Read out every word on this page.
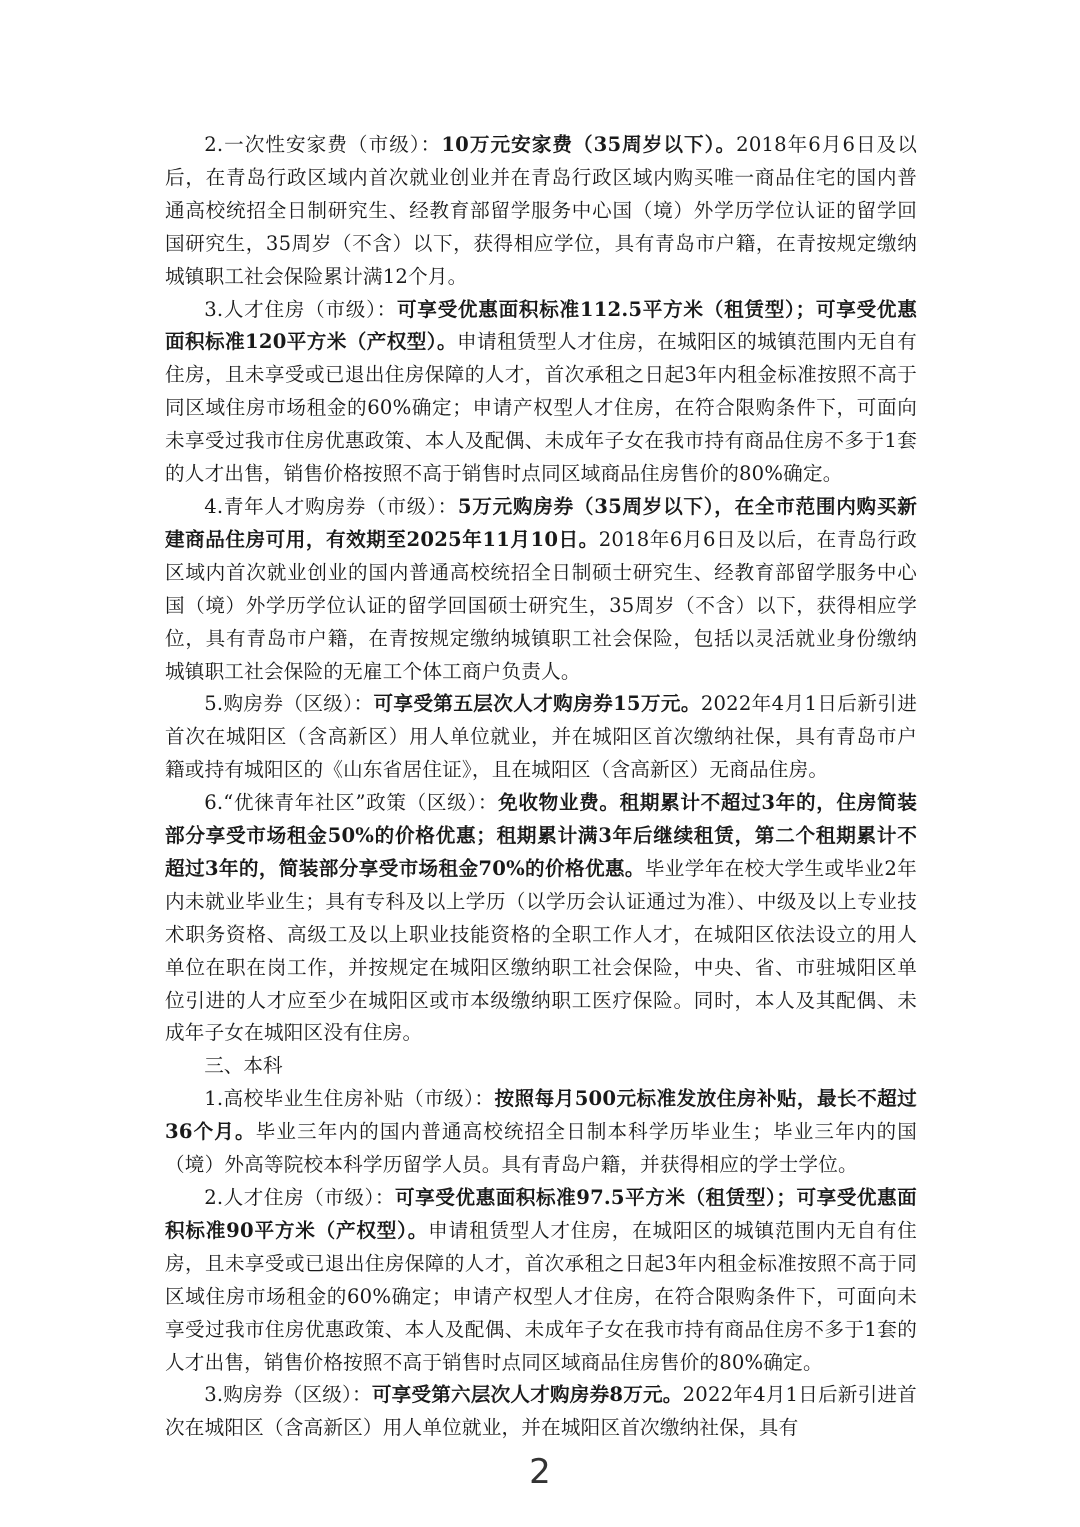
2.一次性安家费（市级）：10万元安家费（35周岁以下）。2018年6月6日及以后，在青岛行政区域内首次就业创业并在青岛行政区域内购买唯一商品住宅的国内普通高校统招全日制研究生、经教育部留学服务中心国（境）外学历学位认证的留学回国研究生，35周岁（不含）以下，获得相应学位，具有青岛市户籍，在青按规定缴纳城镇职工社会保险累计满12个月。

3.人才住房（市级）：可享受优惠面积标准112.5平方米（租赁型）；可享受优惠面积标准120平方米（产权型）。申请租赁型人才住房，在城阳区的城镇范围内无自有住房，且未享受或已退出住房保障的人才，首次承租之日起3年内租金标准按照不高于同区域住房市场租金的60%确定；申请产权型人才住房，在符合限购条件下，可面向未享受过我市住房优惠政策、本人及配偶、未成年子女在我市持有商品住房不多于1套的人才出售，销售价格按照不高于销售时点同区域商品住房售价的80%确定。

4.青年人才购房券（市级）：5万元购房券（35周岁以下），在全市范围内购买新建商品住房可用，有效期至2025年11月10日。2018年6月6日及以后，在青岛行政区域内首次就业创业的国内普通高校统招全日制硕士研究生、经教育部留学服务中心国（境）外学历学位认证的留学回国硕士研究生，35周岁（不含）以下，获得相应学位，具有青岛市户籍，在青按规定缴纳城镇职工社会保险，包括以灵活就业身份缴纳城镇职工社会保险的无雇工个体工商户负责人。

5.购房券（区级）：可享受第五层次人才购房券15万元。2022年4月1日后新引进首次在城阳区（含高新区）用人单位就业，并在城阳区首次缴纳社保，具有青岛市户籍或持有城阳区的《山东省居住证》，且在城阳区（含高新区）无商品住房。

6.“优徕青年社区”政策（区级）：免收物业费。租期累计不超过3年的，住房简装部分享受市场租金50%的价格优惠；租期累计满3年后继续租赁，第二个租期累计不超过3年的，简装部分享受市场租金70%的价格优惠。毕业学年在校大学生或毕业2年内未就业毕业生；具有专科及以上学历（以学历会认证通过为准）、中级及以上专业技术职务资格、高级工及以上职业技能资格的全职工作人才，在城阳区依法设立的用人单位在职在岗工作，并按规定在城阳区缴纳职工社会保险，中央、省、市驻城阳区单位引进的人才应至少在城阳区或市本级缴纳职工医疗保险。同时，本人及其配偶、未成年子女在城阳区没有住房。

三、本科

1.高校毕业生住房补贴（市级）：按照每月500元标准发放住房补贴，最长不超过36个月。毕业三年内的国内普通高校统招全日制本科学历毕业生；毕业三年内的国（境）外高等院校本科学历留学人员。具有青岛户籍，并获得相应的学士学位。

2.人才住房（市级）：可享受优惠面积标准97.5平方米（租赁型）；可享受优惠面积标准90平方米（产权型）。申请租赁型人才住房，在城阳区的城镇范围内无自有住房，且未享受或已退出住房保障的人才，首次承租之日起3年内租金标准按照不高于同区域住房市场租金的60%确定；申请产权型人才住房，在符合限购条件下，可面向未享受过我市住房优惠政策、本人及配偶、未成年子女在我市持有商品住房不多于1套的人才出售，销售价格按照不高于销售时点同区域商品住房售价的80%确定。

3.购房券（区级）：可享受第六层次人才购房券8万元。2022年4月1日后新引进首次在城阳区（含高新区）用人单位就业，并在城阳区首次缴纳社保，具有

2
